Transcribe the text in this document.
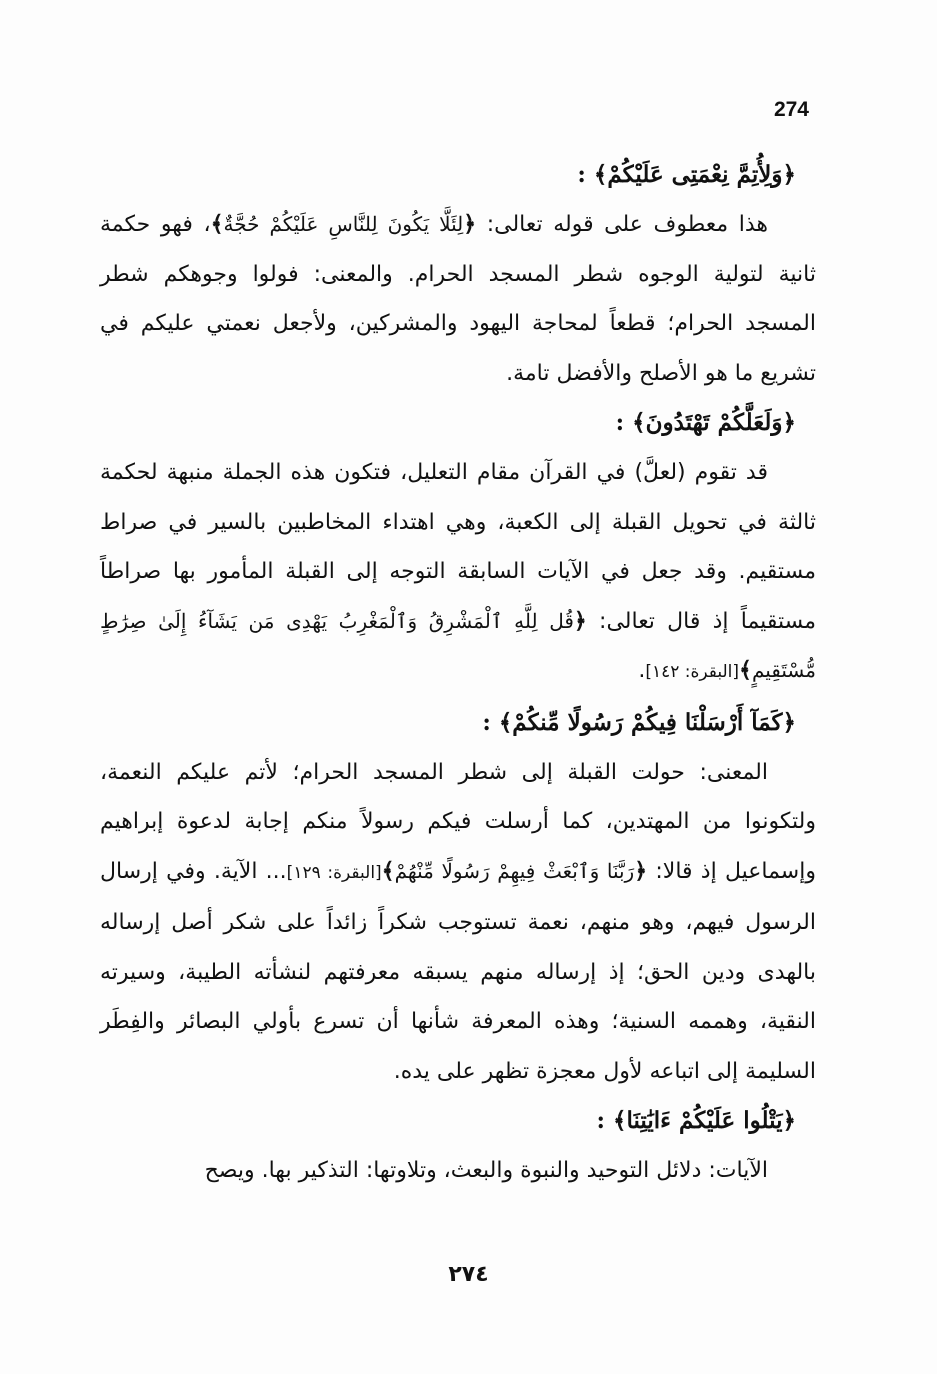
274
﴿وَلِأُتِمَّ نِعْمَتِى عَلَيْكُمْ﴾ :

هذا معطوف على قوله تعالى: ﴿لِئَلَّا يَكُونَ لِلنَّاسِ عَلَيْكُمْ حُجَّةٌ﴾، فهو حكمة ثانية لتولية الوجوه شطر المسجد الحرام. والمعنى: فولوا وجوهكم شطر المسجد الحرام؛ قطعاً لمحاجة اليهود والمشركين، ولأجعل نعمتي عليكم في تشريع ما هو الأصلح والأفضل تامة.

﴿وَلَعَلَّكُمْ تَهْتَدُونَ﴾ :

قد تقوم (لعلَّ) في القرآن مقام التعليل، فتكون هذه الجملة منبهة لحكمة ثالثة في تحويل القبلة إلى الكعبة، وهي اهتداء المخاطبين بالسير في صراط مستقيم. وقد جعل في الآيات السابقة التوجه إلى القبلة المأمور بها صراطاً مستقيماً إذ قال تعالى: ﴿قُل لِلَّهِ ٱلْمَشْرِقُ وَٱلْمَغْرِبُ يَهْدِى مَن يَشَآءُ إِلَىٰ صِرَٰطٍ مُّسْتَقِيمٍ﴾[البقرة: ١٤٢].

﴿كَمَآ أَرْسَلْنَا فِيكُمْ رَسُولًا مِّنكُمْ﴾ :

المعنى: حولت القبلة إلى شطر المسجد الحرام؛ لأتم عليكم النعمة، ولتكونوا من المهتدين، كما أرسلت فيكم رسولاً منكم إجابة لدعوة إبراهيم وإسماعيل إذ قالا: ﴿رَبَّنَا وَٱبْعَثْ فِيهِمْ رَسُولًا مِّنْهُمْ﴾[البقرة: ١٢٩]... الآية. وفي إرسال الرسول فيهم، وهو منهم، نعمة تستوجب شكراً زائداً على شكر أصل إرساله بالهدى ودين الحق؛ إذ إرساله منهم يسبقه معرفتهم لنشأته الطيبة، وسيرته النقية، وهممه السنية؛ وهذه المعرفة شأنها أن تسرع بأولي البصائر والفِطَر السليمة إلى اتباعه لأول معجزة تظهر على يده.

﴿يَتْلُوا عَلَيْكُمْ ءَايَٰتِنَا﴾ :

الآيات: دلائل التوحيد والنبوة والبعث، وتلاوتها: التذكير بها. ويصح

٢٧٤
